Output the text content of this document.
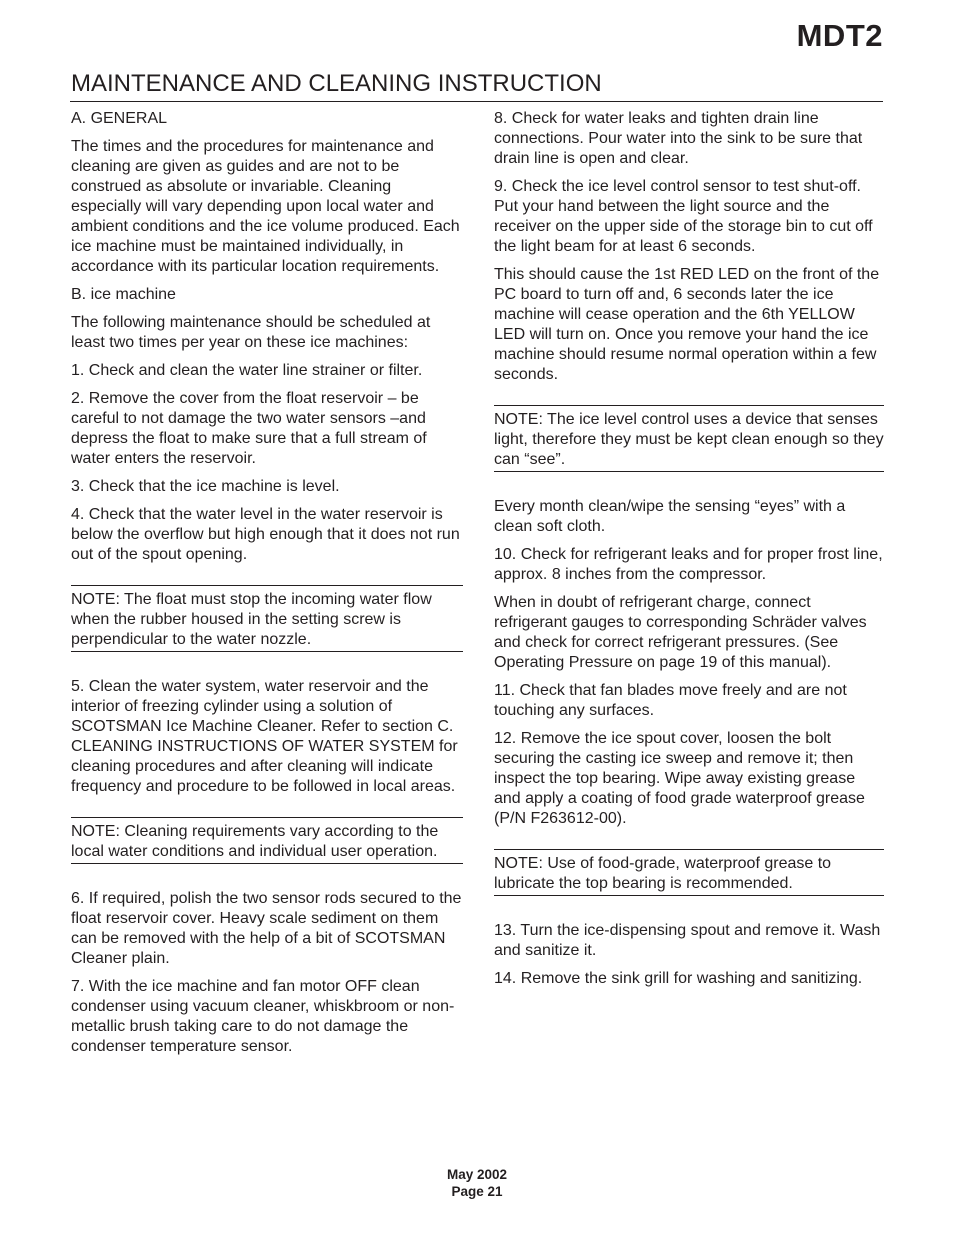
MDT2
MAINTENANCE AND CLEANING INSTRUCTION

A. GENERAL

The times and the procedures for maintenance and cleaning are given as guides and are not to be construed as absolute or invariable. Cleaning especially will vary depending upon local water and ambient conditions and the ice volume produced. Each ice machine must be maintained individually, in accordance with its particular location requirements.

B. ice machine

The following maintenance should be scheduled at least two times per year on these ice machines:

1. Check and clean the water line strainer or filter.

2. Remove the cover from the float reservoir – be careful to not damage the two water sensors –and depress the float to make sure that a full stream of water enters the reservoir.

3. Check that the ice machine is level.

4. Check that the water level in the water reservoir is below the overflow but high enough that it does not run out of the spout opening.

NOTE: The float must stop the incoming water flow when the rubber housed in the setting screw is perpendicular to the water nozzle.

5. Clean the water system, water reservoir and the interior of freezing cylinder using a solution of SCOTSMAN Ice Machine Cleaner. Refer to section C. CLEANING INSTRUCTIONS OF WATER SYSTEM for cleaning procedures and after cleaning will indicate frequency and procedure to be followed in local areas.

NOTE: Cleaning requirements vary according to the local water conditions and individual user operation.

6. If required, polish the two sensor rods secured to the float reservoir cover. Heavy scale sediment on them can be removed with the help of a bit of SCOTSMAN Cleaner plain.

7. With the ice machine and fan motor OFF clean condenser using vacuum cleaner, whiskbroom or non-metallic brush taking care to do not damage the condenser temperature sensor.

8. Check for water leaks and tighten drain line connections. Pour water into the sink to be sure that drain line is open and clear.

9. Check the ice level control sensor to test shut-off. Put your hand between the light source and the receiver on the upper side of the storage bin to cut off the light beam for at least 6 seconds.

This should cause the 1st RED LED on the front of the PC board to turn off and, 6 seconds later the ice machine will cease operation and the 6th YELLOW LED will turn on. Once you remove your hand the ice machine should resume normal operation within a few seconds.

NOTE: The ice level control uses a device that senses light, therefore they must be kept clean enough so they can “see”.

Every month clean/wipe the sensing “eyes” with a clean soft cloth.

10. Check for refrigerant leaks and for proper frost line, approx. 8 inches from the compressor.

When in doubt of refrigerant charge, connect refrigerant gauges to corresponding Schräder valves and check for correct refrigerant pressures. (See Operating Pressure on page 19 of this manual).

11. Check that fan blades move freely and are not touching any surfaces.

12. Remove the ice spout cover, loosen the bolt securing the casting ice sweep and remove it; then inspect the top bearing. Wipe away existing grease and apply a coating of food grade waterproof grease (P/N F263612-00).

NOTE: Use of food-grade, waterproof grease to lubricate the top bearing is recommended.

13. Turn the ice-dispensing spout and remove it. Wash and sanitize it.

14. Remove the sink grill for washing and sanitizing.

May 2002
Page 21
